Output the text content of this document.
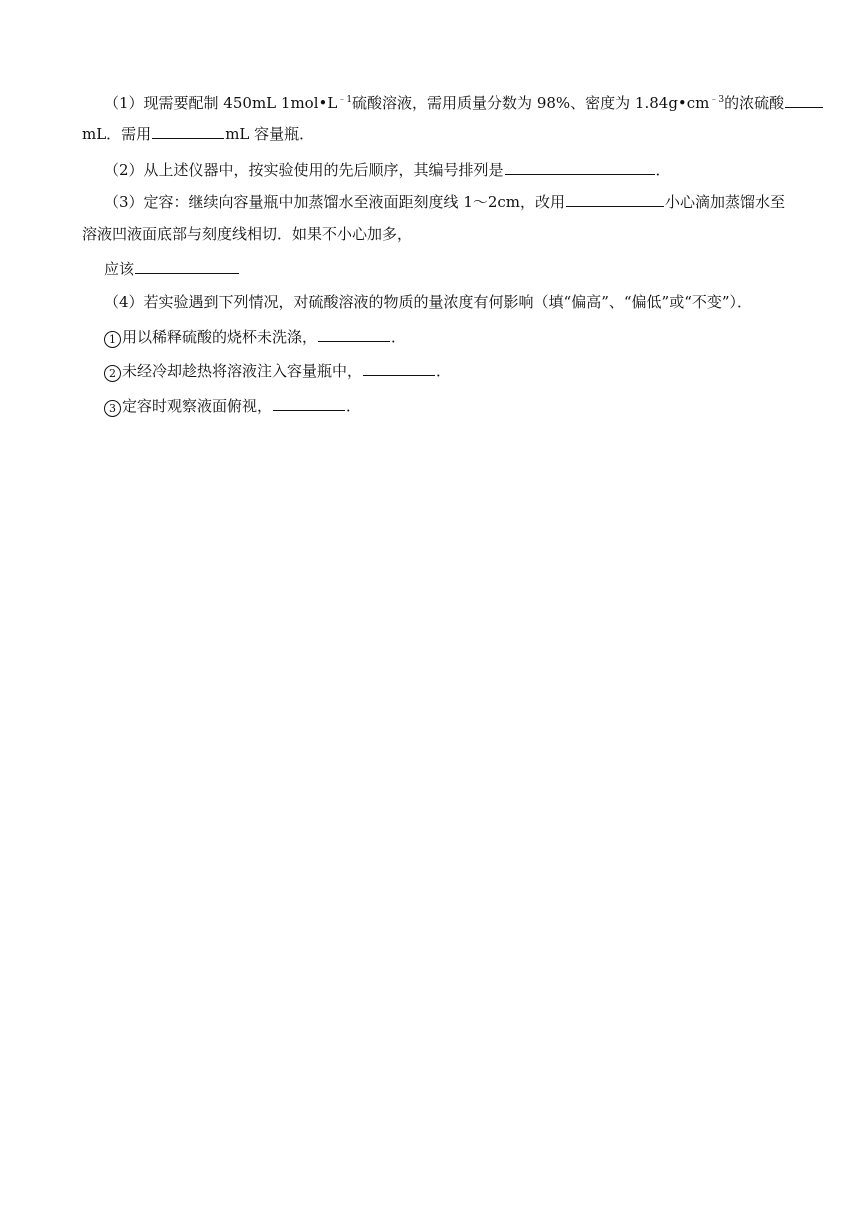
（1）现需要配制 450mL $1mol•L^{﹣1}$硫酸溶液，需用质量分数为 98%、密度为 $1.84g•cm^{﹣3}$的浓硫酸
mL．需用	mL 容量瓶．
（2）从上述仪器中，按实验使用的先后顺序，其编号排列是	．
（3）定容：继续向容量瓶中加蒸馏水至液面距刻度线 1～2cm，改用	小心滴加蒸馏水至
溶液凹液面底部与刻度线相切．如果不小心加多，
应该
（4）若实验遇到下列情况，对硫酸溶液的物质的量浓度有何影响（填“偏高”、“偏低”或“不变”）．
1 用以稀释硫酸的烧杯未洗涤，	．
2 未经冷却趁热将溶液注入容量瓶中，	．
3 定容时观察液面俯视，	．
